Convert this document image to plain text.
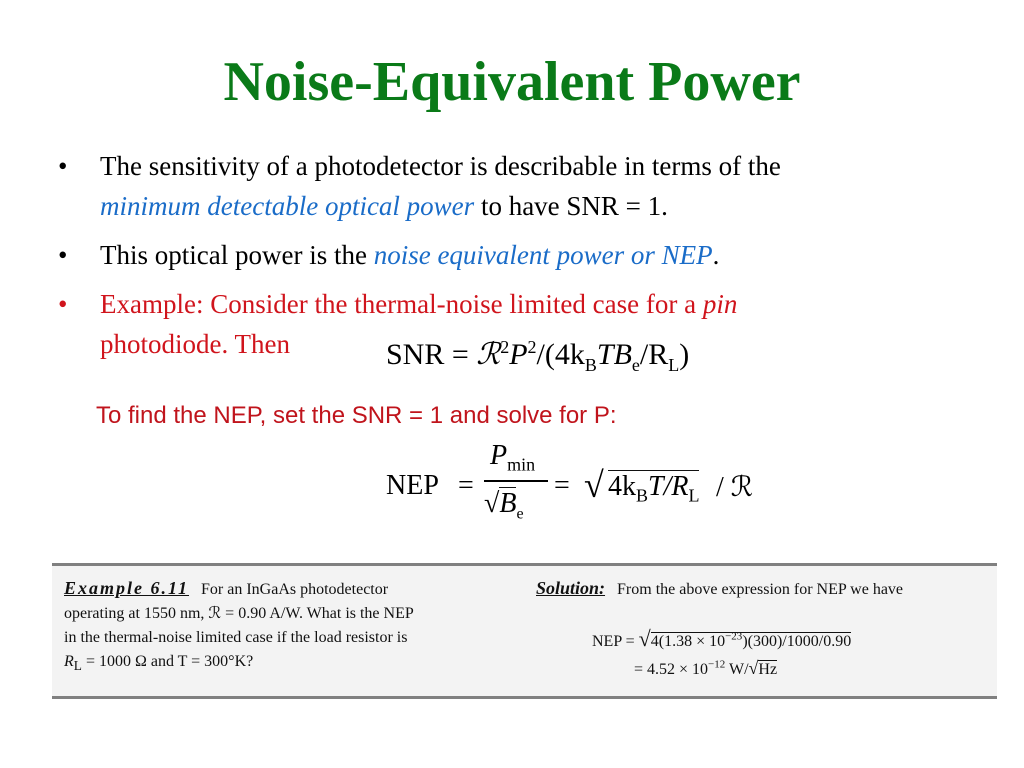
Noise-Equivalent Power
• The sensitivity of a photodetector is describable in terms of the
minimum detectable optical power to have SNR = 1.
• This optical power is the noise equivalent power or NEP.
• Example: Consider the thermal-noise limited case for a pin
photodiode. Then	SNR = $ℛ^2P^2/(4k_BTB_e/R_L)$
To find the NEP, set the SNR = 1 and solve for P:
NEP =
$P_{min}$
$√B_e$
= √ $4k_BT/R_L$ / ℛ
Example 6.11 For an InGaAs photodetector
operating at 1550 nm, ℛ = 0.90 A/W. What is the NEP
in the thermal-noise limited case if the load resistor is
$R_L = 1000$ Ω and T = 300°K?
Solution: From the above expression for NEP we have
NEP = $√4(1.38 \times 10^{-23})(300)/1000/0.90$
= $4.52 \times 10^{-12}$ W/√Hz
